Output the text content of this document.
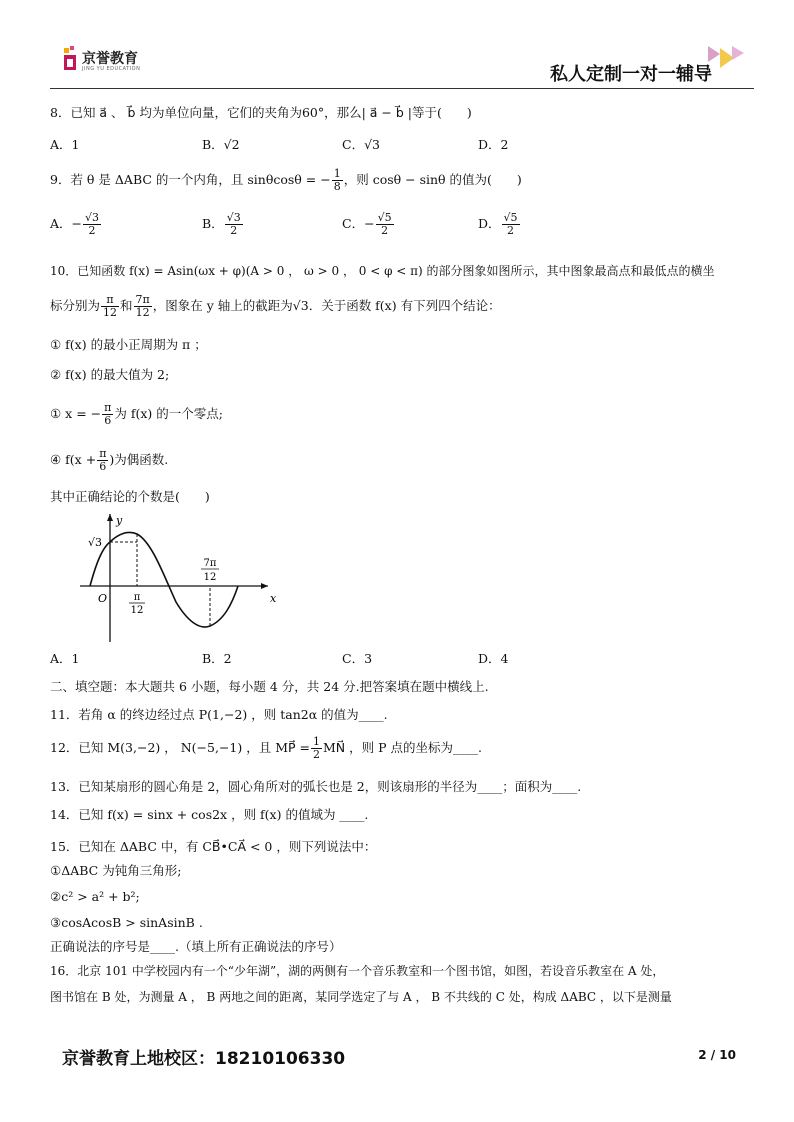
京誉教育
JING YU EDUCATION	私人定制一对一辅导
8．已知 a⃗ 、 b⃗ 均为单位向量，它们的夹角为60°，那么| a⃗ − b⃗ |等于(　　)
A．1	B．√2	C．√3	D．2
9．若 θ 是 ΔABC 的一个内角，且 sinθcosθ = − $\frac{1}{8}$ ，则 cosθ − sinθ 的值为(　　)
A．− $\frac{√3}{2}$	B． $\frac{√3}{2}$	C．− $\frac{√5}{2}$	D． $\frac{√5}{2}$
10．已知函数 f(x) = Asin(ωx + φ)(A > 0 ， ω > 0 ， 0 < φ < π) 的部分图象如图所示，其中图象最高点和最低点的横坐
标分别为 $\frac{\pi}{12}$ 和 $\frac{7\pi}{12}$ ，图象在 y 轴上的截距为√3．关于函数 f(x) 有下列四个结论：
① f(x) 的最小正周期为 π ；
② f(x) 的最大值为 2;
① x = − $\frac{\pi}{6}$ 为 f(x) 的一个零点;
④ $f(x + \frac{\pi}{6}$ )为偶函数.
其中正确结论的个数是(　　)
y
x
O
√3
π
12
7π
12
A．1	B．2	C．3	D．4
二、填空题：本大题共 6 小题，每小题 4 分，共 24 分.把答案填在题中横线上.
11．若角 α 的终边经过点 P(1,−2) ，则 tan2α 的值为____.
12．已知 M(3,−2) ， N(−5,−1) ，且 MP⃗ = $\frac{1}{2}$ MN⃗ ，则 P 点的坐标为____.
13．已知某扇形的圆心角是 2，圆心角所对的弧长也是 2，则该扇形的半径为____；面积为____.
14．已知 f(x) = sinx + cos2x ，则 f(x) 的值域为 ____.
15．已知在 ΔABC 中，有 CB⃗•CA⃗ < 0 ，则下列说法中：
①ΔABC 为钝角三角形;
②c² > a² + b²;
③cosAcosB > sinAsinB .
正确说法的序号是____.（填上所有正确说法的序号）
16．北京 101 中学校园内有一个“少年湖”，湖的两侧有一个音乐教室和一个图书馆，如图，若设音乐教室在 A 处，
图书馆在 B 处，为测量 A ， B 两地之间的距离，某同学选定了与 A ， B 不共线的 C 处，构成 ΔABC ，以下是测量
京誉教育上地校区：18210106330	2 / 10
